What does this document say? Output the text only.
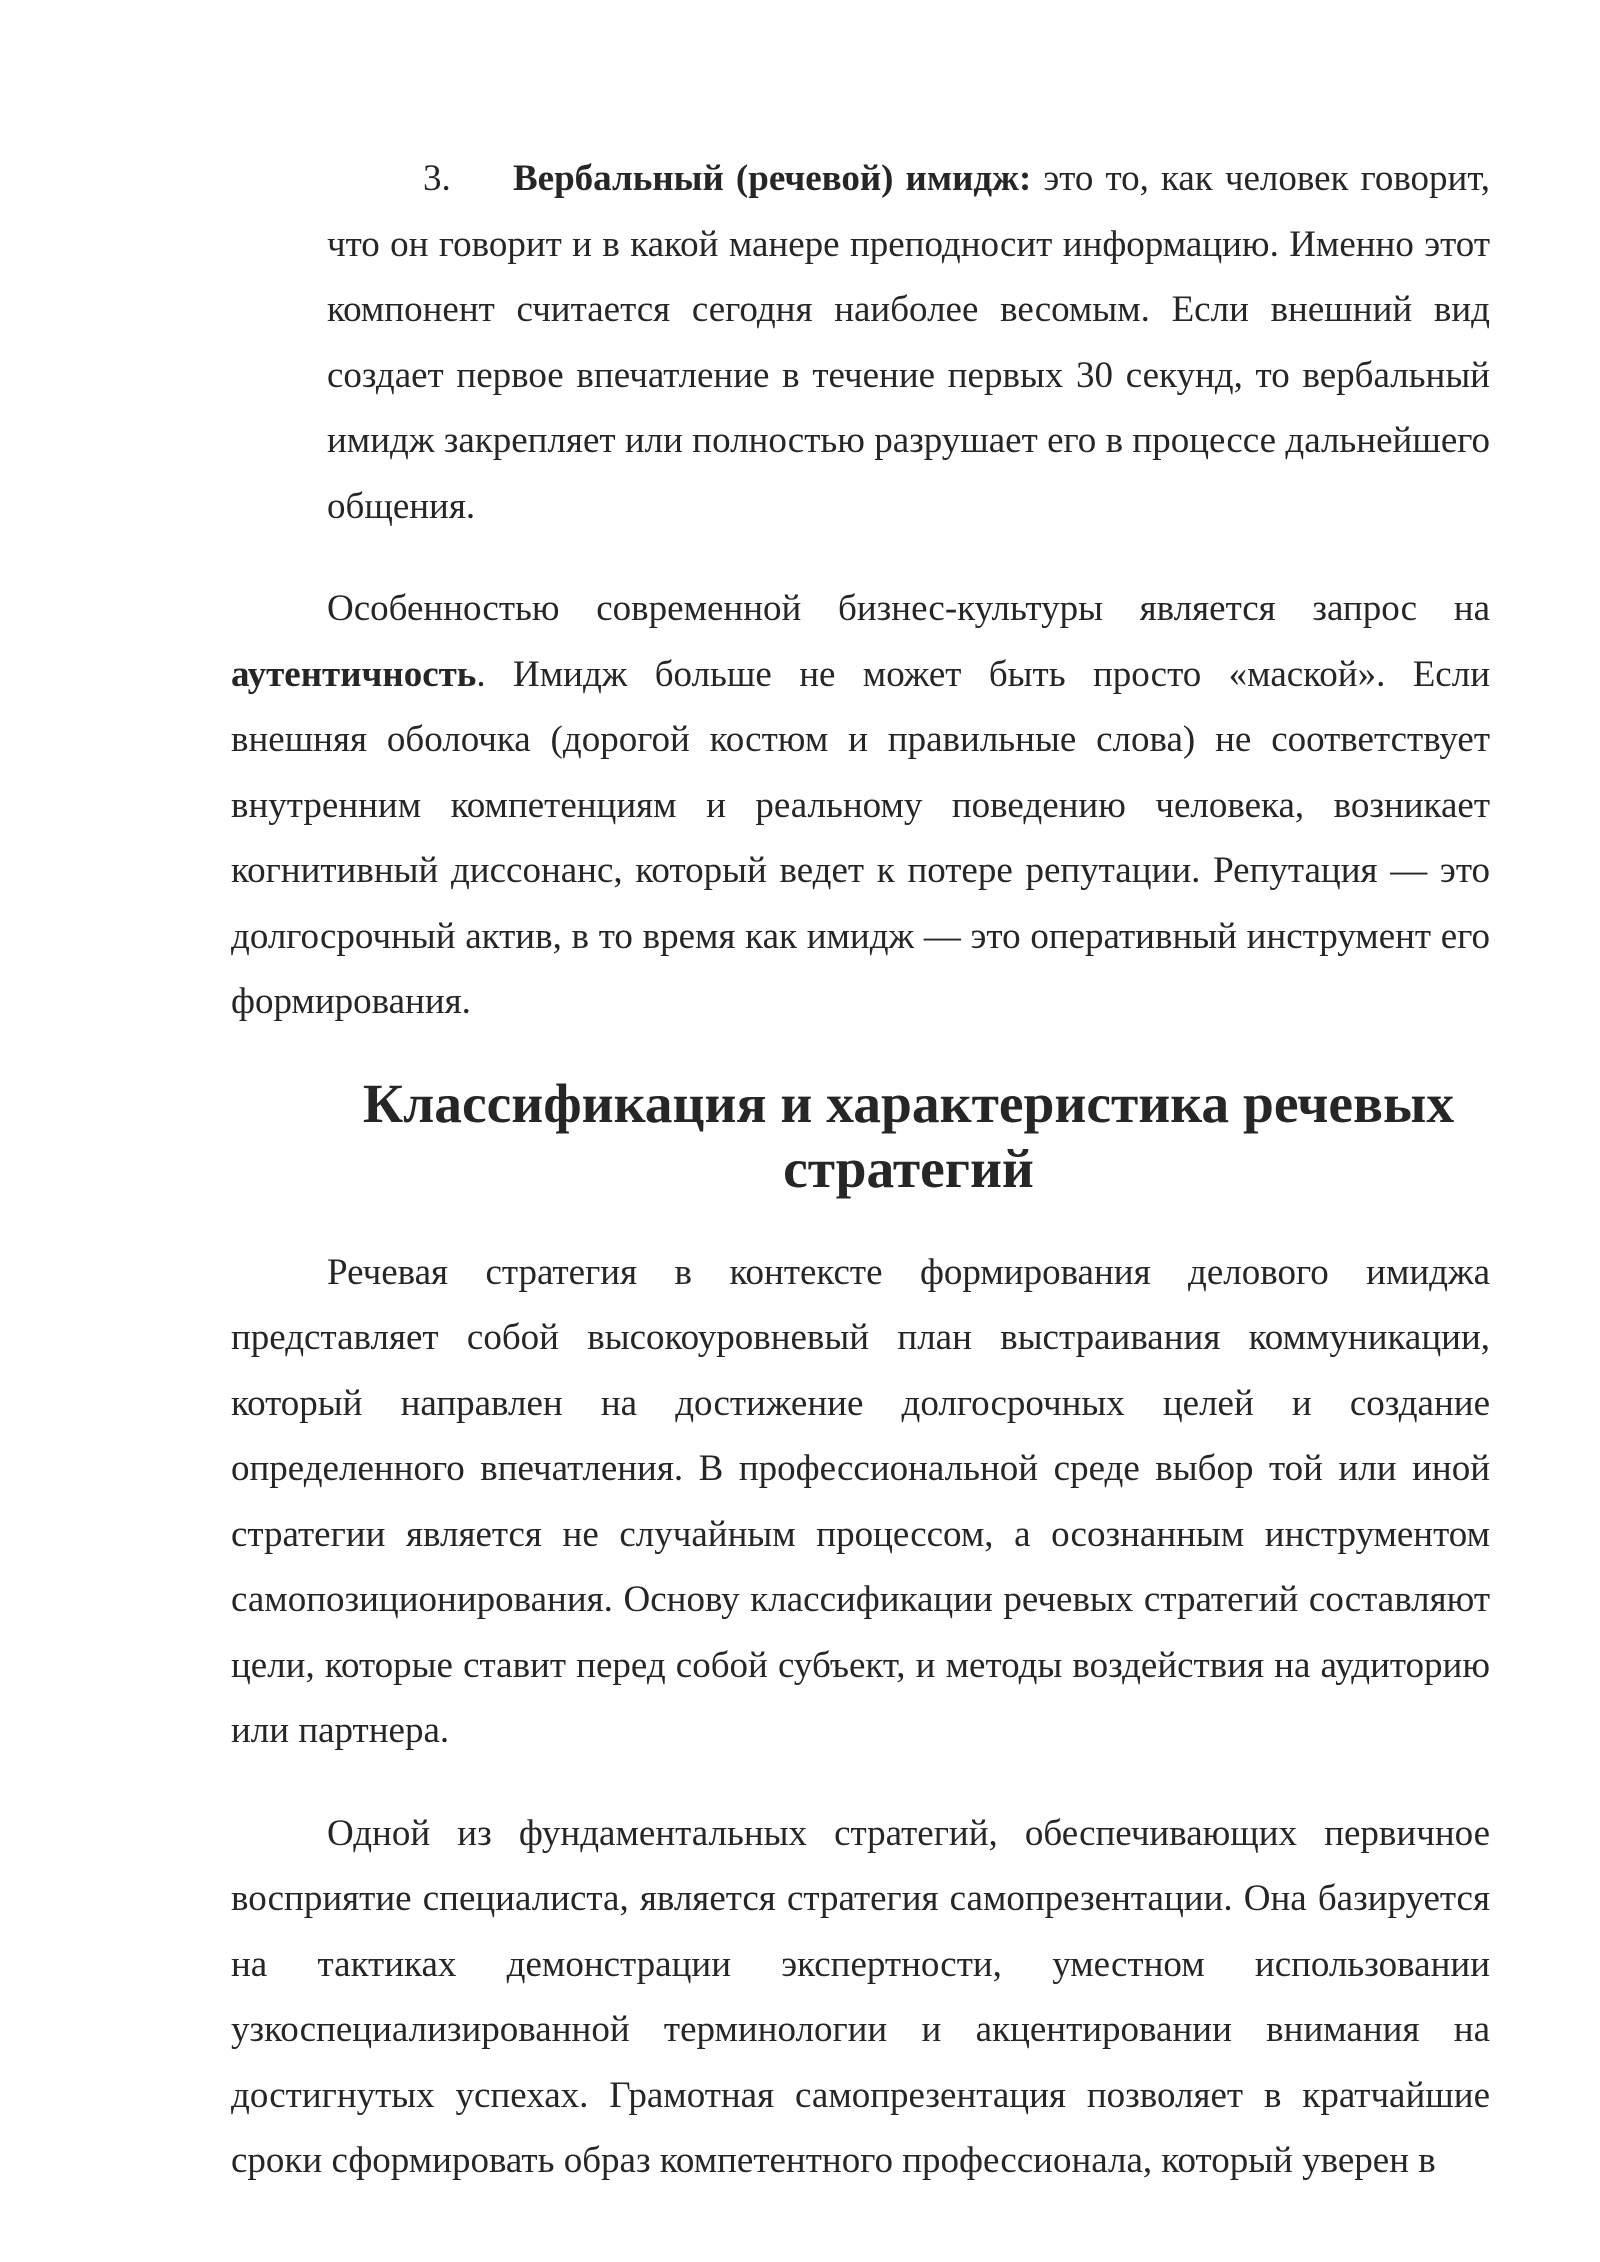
3.	Вербальный (речевой) имидж: это то, как человек говорит, что он говорит и в какой манере преподносит информацию. Именно этот компонент считается сегодня наиболее весомым. Если внешний вид создает первое впечатление в течение первых 30 секунд, то вербальный имидж закрепляет или полностью разрушает его в процессе дальнейшего общения.

Особенностью современной бизнес-культуры является запрос на аутентичность. Имидж больше не может быть просто «маской». Если внешняя оболочка (дорогой костюм и правильные слова) не соответствует внутренним компетенциям и реальному поведению человека, возникает когнитивный диссонанс, который ведет к потере репутации. Репутация — это долгосрочный актив, в то время как имидж — это оперативный инструмент его формирования.

Классификация и характеристика речевых стратегий

Речевая стратегия в контексте формирования делового имиджа представляет собой высокоуровневый план выстраивания коммуникации, который направлен на достижение долгосрочных целей и создание определенного впечатления. В профессиональной среде выбор той или иной стратегии является не случайным процессом, а осознанным инструментом самопозиционирования. Основу классификации речевых стратегий составляют цели, которые ставит перед собой субъект, и методы воздействия на аудиторию или партнера.

Одной из фундаментальных стратегий, обеспечивающих первичное восприятие специалиста, является стратегия самопрезентации. Она базируется на тактиках демонстрации экспертности, уместном использовании узкоспециализированной терминологии и акцентировании внимания на достигнутых успехах. Грамотная самопрезентация позволяет в кратчайшие сроки сформировать образ компетентного профессионала, который уверен в
